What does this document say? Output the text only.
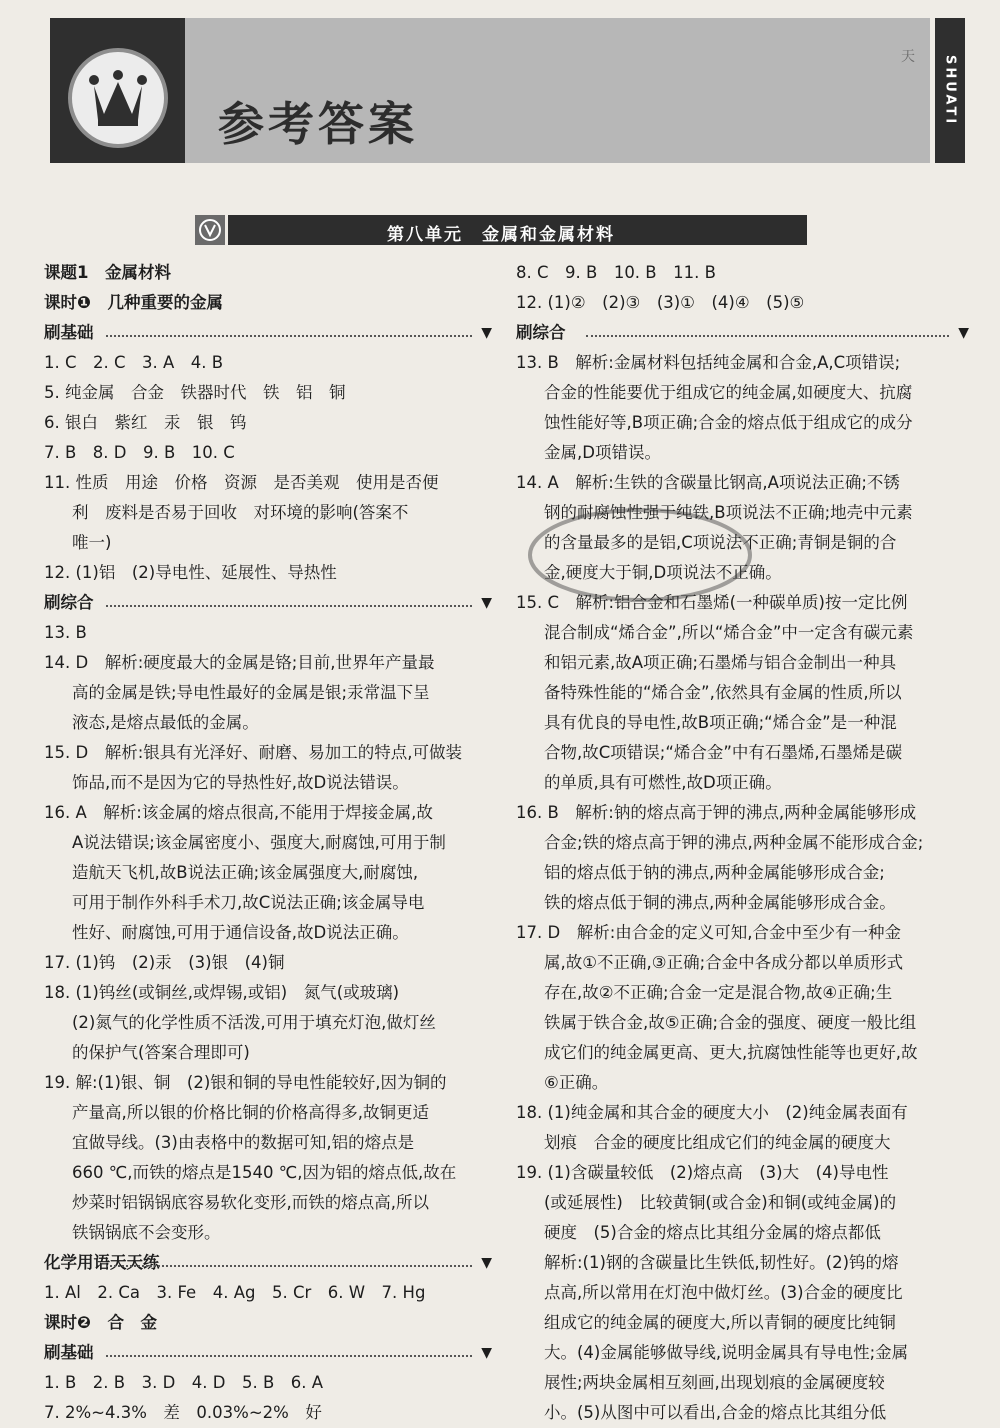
参考答案
天	SHUATI
第八单元　金属和金属材料
课题1　金属材料
课时❶　几种重要的金属
刷基础	▼
1. C　2. C　3. A　4. B
5. 纯金属　合金　铁器时代　铁　铝　铜
6. 银白　紫红　汞　银　钨
7. B　8. D　9. B　10. C
11. 性质　用途　价格　资源　是否美观　使用是否便
利　废料是否易于回收　对环境的影响(答案不
唯一)
12. (1)铝　(2)导电性、延展性、导热性
刷综合	▼
13. B
14. D　解析:硬度最大的金属是铬;目前,世界年产量最
高的金属是铁;导电性最好的金属是银;汞常温下呈
液态,是熔点最低的金属。
15. D　解析:银具有光泽好、耐磨、易加工的特点,可做装
饰品,而不是因为它的导热性好,故D说法错误。
16. A　解析:该金属的熔点很高,不能用于焊接金属,故
A说法错误;该金属密度小、强度大,耐腐蚀,可用于制
造航天飞机,故B说法正确;该金属强度大,耐腐蚀,
可用于制作外科手术刀,故C说法正确;该金属导电
性好、耐腐蚀,可用于通信设备,故D说法正确。
17. (1)钨　(2)汞　(3)银　(4)铜
18. (1)钨丝(或铜丝,或焊锡,或铝)　氮气(或玻璃)
(2)氮气的化学性质不活泼,可用于填充灯泡,做灯丝
的保护气(答案合理即可)
19. 解:(1)银、铜　(2)银和铜的导电性能较好,因为铜的
产量高,所以银的价格比铜的价格高得多,故铜更适
宜做导线。(3)由表格中的数据可知,铝的熔点是
660 ℃,而铁的熔点是1540 ℃,因为铝的熔点低,故在
炒菜时铝锅锅底容易软化变形,而铁的熔点高,所以
铁锅锅底不会变形。
化学用语天天练	▼
1. Al　2. Ca　3. Fe　4. Ag　5. Cr　6. W　7. Hg
课时❷　合　金
刷基础	▼
1. B　2. B　3. D　4. D　5. B　6. A
7. 2%~4.3%　差　0.03%~2%　好
8. C　9. B　10. B　11. B
12. (1)②　(2)③　(3)①　(4)④　(5)⑤
刷综合	▼
13. B　解析:金属材料包括纯金属和合金,A,C项错误;
合金的性能要优于组成它的纯金属,如硬度大、抗腐
蚀性能好等,B项正确;合金的熔点低于组成它的成分
金属,D项错误。
14. A　解析:生铁的含碳量比钢高,A项说法正确;不锈
钢的耐腐蚀性强于纯铁,B项说法不正确;地壳中元素
的含量最多的是铝,C项说法不正确;青铜是铜的合
金,硬度大于铜,D项说法不正确。
15. C　解析:铝合金和石墨烯(一种碳单质)按一定比例
混合制成“烯合金”,所以“烯合金”中一定含有碳元素
和铝元素,故A项正确;石墨烯与铝合金制出一种具
备特殊性能的“烯合金”,依然具有金属的性质,所以
具有优良的导电性,故B项正确;“烯合金”是一种混
合物,故C项错误;“烯合金”中有石墨烯,石墨烯是碳
的单质,具有可燃性,故D项正确。
16. B　解析:钠的熔点高于钾的沸点,两种金属能够形成
合金;铁的熔点高于钾的沸点,两种金属不能形成合金;
铝的熔点低于钠的沸点,两种金属能够形成合金;
铁的熔点低于铜的沸点,两种金属能够形成合金。
17. D　解析:由合金的定义可知,合金中至少有一种金
属,故①不正确,③正确;合金中各成分都以单质形式
存在,故②不正确;合金一定是混合物,故④正确;生
铁属于铁合金,故⑤正确;合金的强度、硬度一般比组
成它们的纯金属更高、更大,抗腐蚀性能等也更好,故
⑥正确。
18. (1)纯金属和其合金的硬度大小　(2)纯金属表面有
划痕　合金的硬度比组成它们的纯金属的硬度大
19. (1)含碳量较低　(2)熔点高　(3)大　(4)导电性
(或延展性)　比较黄铜(或合金)和铜(或纯金属)的
硬度　(5)合金的熔点比其组分金属的熔点都低
解析:(1)钢的含碳量比生铁低,韧性好。(2)钨的熔
点高,所以常用在灯泡中做灯丝。(3)合金的硬度比
组成它的纯金属的硬度大,所以青铜的硬度比纯铜
大。(4)金属能够做导线,说明金属具有导电性;金属
展性;两块金属相互刻画,出现划痕的金属硬度较
小。(5)从图中可以看出,合金的熔点比其组分低
